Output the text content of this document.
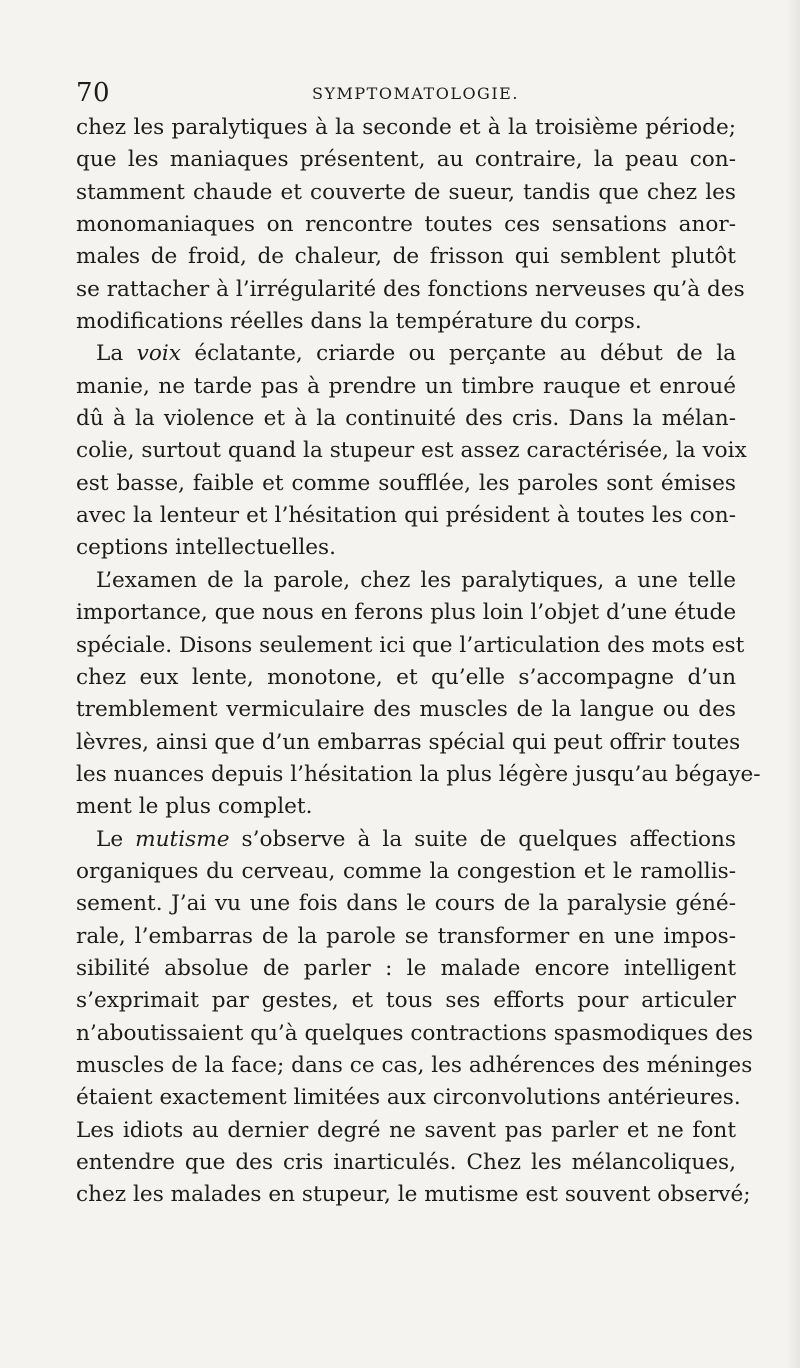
70	SYMPTOMATOLOGIE.
chez les paralytiques à la seconde et à la troisième période;
que les maniaques présentent, au contraire, la peau con-
stamment chaude et couverte de sueur, tandis que chez les
monomaniaques on rencontre toutes ces sensations anor-
males de froid, de chaleur, de frisson qui semblent plutôt
se rattacher à l’irrégularité des fonctions nerveuses qu’à des
modifications réelles dans la température du corps.
La voix éclatante, criarde ou perçante au début de la
manie, ne tarde pas à prendre un timbre rauque et enroué
dû à la violence et à la continuité des cris. Dans la mélan-
colie, surtout quand la stupeur est assez caractérisée, la voix
est basse, faible et comme soufflée, les paroles sont émises
avec la lenteur et l’hésitation qui président à toutes les con-
ceptions intellectuelles.
L’examen de la parole, chez les paralytiques, a une telle
importance, que nous en ferons plus loin l’objet d’une étude
spéciale. Disons seulement ici que l’articulation des mots est
chez eux lente, monotone, et qu’elle s’accompagne d’un
tremblement vermiculaire des muscles de la langue ou des
lèvres, ainsi que d’un embarras spécial qui peut offrir toutes
les nuances depuis l’hésitation la plus légère jusqu’au bégaye-
ment le plus complet.
Le mutisme s’observe à la suite de quelques affections
organiques du cerveau, comme la congestion et le ramollis-
sement. J’ai vu une fois dans le cours de la paralysie géné-
rale, l’embarras de la parole se transformer en une impos-
sibilité absolue de parler : le malade encore intelligent
s’exprimait par gestes, et tous ses efforts pour articuler
n’aboutissaient qu’à quelques contractions spasmodiques des
muscles de la face; dans ce cas, les adhérences des méninges
étaient exactement limitées aux circonvolutions antérieures.
Les idiots au dernier degré ne savent pas parler et ne font
entendre que des cris inarticulés. Chez les mélancoliques,
chez les malades en stupeur, le mutisme est souvent observé;
